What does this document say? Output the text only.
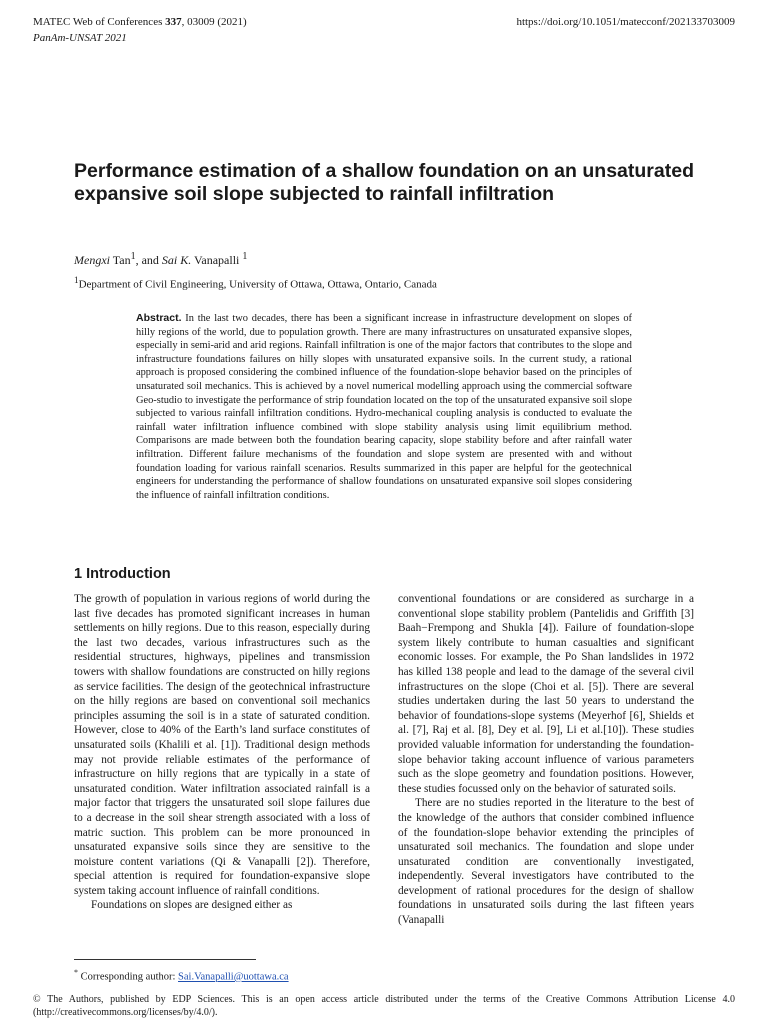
MATEC Web of Conferences 337, 03009 (2021)
PanAm-UNSAT 2021
https://doi.org/10.1051/matecconf/202133703009
Performance estimation of a shallow foundation on an unsaturated expansive soil slope subjected to rainfall infiltration
Mengxi Tan$^1$, and Sai K. Vanapalli $^1$
$^1$Department of Civil Engineering, University of Ottawa, Ottawa, Ontario, Canada

Abstract. In the last two decades, there has been a significant increase in infrastructure development on slopes of hilly regions of the world, due to population growth. There are many infrastructures on unsaturated expansive slopes, especially in semi-arid and arid regions. Rainfall infiltration is one of the major factors that contributes to the slope and infrastructure foundations failures on hilly slopes with unsaturated expansive soils. In the current study, a rational approach is proposed considering the combined influence of the foundation-slope behavior based on the principles of unsaturated soil mechanics. This is achieved by a novel numerical modelling approach using the commercial software Geo-studio to investigate the performance of strip foundation located on the top of the unsaturated expansive soil slope subjected to various rainfall infiltration conditions. Hydro-mechanical coupling analysis is conducted to evaluate the rainfall water infiltration influence combined with slope stability analysis using limit equilibrium method. Comparisons are made between both the foundation bearing capacity, slope stability before and after rainfall water infiltration. Different failure mechanisms of the foundation and slope system are presented with and without foundation loading for various rainfall scenarios. Results summarized in this paper are helpful for the geotechnical engineers for understanding the performance of shallow foundations on unsaturated expansive soil slopes considering the influence of rainfall infiltration conditions.

1 Introduction

The growth of population in various regions of world during the last five decades has promoted significant increases in human settlements on hilly regions. Due to this reason, especially during the last two decades, various infrastructures such as the residential structures, highways, pipelines and transmission towers with shallow foundations are constructed on hilly regions as service facilities. The design of the geotechnical infrastructure on the hilly regions are based on conventional soil mechanics principles assuming the soil is in a state of saturated condition. However, close to 40% of the Earth’s land surface constitutes of unsaturated soils (Khalili et al. [1]). Traditional design methods may not provide reliable estimates of the performance of infrastructure on hilly regions that are typically in a state of unsaturated condition. Water infiltration associated rainfall is a major factor that triggers the unsaturated soil slope failures due to a decrease in the soil shear strength associated with a loss of matric suction. This problem can be more pronounced in unsaturated expansive soils since they are sensitive to the moisture content variations (Qi & Vanapalli [2]). Therefore, special attention is required for foundation-expansive slope system taking account influence of rainfall conditions.

Foundations on slopes are designed either as

conventional foundations or are considered as surcharge in a conventional slope stability problem (Pantelidis and Griffith [3] Baah−Frempong and Shukla [4]). Failure of foundation-slope system likely contribute to human casualties and significant economic losses. For example, the Po Shan landslides in 1972 has killed 138 people and lead to the damage of the several civil infrastructures on the slope (Choi et al. [5]). There are several studies undertaken during the last 50 years to understand the behavior of foundations-slope systems (Meyerhof [6], Shields et al. [7], Raj et al. [8], Dey et al. [9], Li et al.[10]). These studies provided valuable information for understanding the foundation-slope behavior taking account influence of various parameters such as the slope geometry and foundation positions. However, these studies focussed only on the behavior of saturated soils.

There are no studies reported in the literature to the best of the knowledge of the authors that consider combined influence of the foundation-slope behavior extending the principles of unsaturated soil mechanics. The foundation and slope under unsaturated condition are conventionally investigated, independently. Several investigators have contributed to the development of rational procedures for the design of shallow foundations in unsaturated soils during the last fifteen years (Vanapalli

* Corresponding author: Sai.Vanapalli@uottawa.ca
© The Authors, published by EDP Sciences. This is an open access article distributed under the terms of the Creative Commons Attribution License 4.0 (http://creativecommons.org/licenses/by/4.0/).
